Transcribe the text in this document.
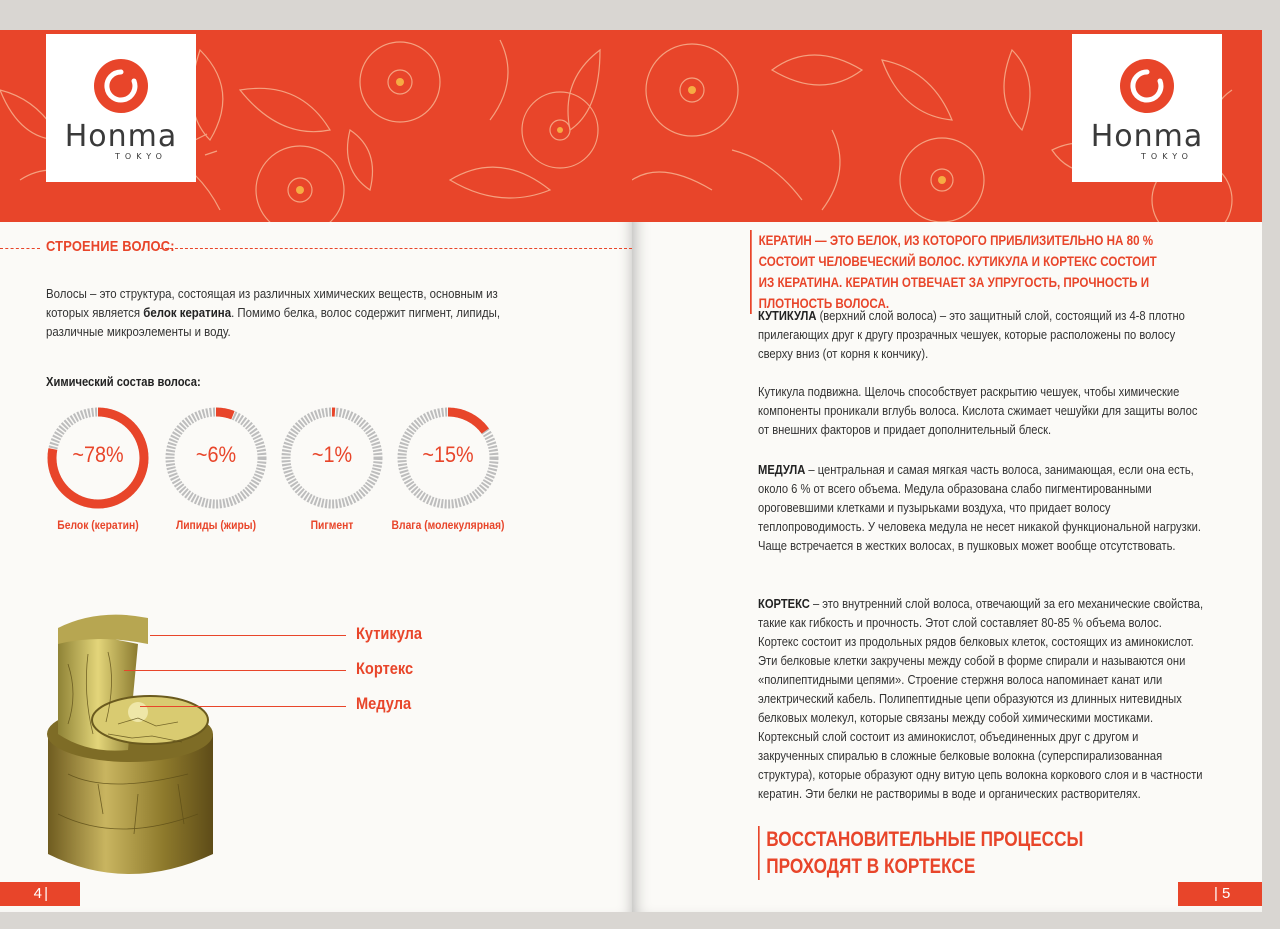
Honma
TOKYO
СТРОЕНИЕ ВОЛОС:
Волосы – это структура, состоящая из различных химических веществ, основным из которых является белок кератина. Помимо белка, волос содержит пигмент, липиды, различные микроэлементы и воду.
Химический состав волоса:
~78%
Белок (кератин)
~6%
Липиды (жиры)
~1%
Пигмент
~15%
Влага (молекулярная)
Кутикула
Кортекс
Медула
4 |
Honma
TOKYO
КЕРАТИН — ЭТО БЕЛОК, ИЗ КОТОРОГО ПРИБЛИЗИТЕЛЬНО НА 80 % СОСТОИТ ЧЕЛОВЕЧЕСКИЙ ВОЛОС. КУТИКУЛА И КОРТЕКС СОСТОИТ ИЗ КЕРАТИНА. КЕРАТИН ОТВЕЧАЕТ ЗА УПРУГОСТЬ, ПРОЧНОСТЬ И ПЛОТНОСТЬ ВОЛОСА.
КУТИКУЛА (верхний слой волоса) – это защитный слой, состоящий из 4-8 плотно прилегающих друг к другу прозрачных чешуек, которые расположены по волосу сверху вниз (от корня к кончику).
Кутикула подвижна. Щелочь способствует раскрытию чешуек, чтобы химические компоненты проникали вглубь волоса. Кислота сжимает чешуйки для защиты волос от внешних факторов и придает дополнительный блеск.
МЕДУЛА – центральная и самая мягкая часть волоса, занимающая, если она есть, около 6 % от всего объема. Медула образована слабо пигментированными ороговевшими клетками и пузырьками воздуха, что придает волосу теплопроводимость. У человека медула не несет никакой функциональной нагрузки. Чаще встречается в жестких волосах, в пушковых может вообще отсутствовать.
КОРТЕКС – это внутренний слой волоса, отвечающий за его механические свойства, такие как гибкость и прочность. Этот слой составляет 80-85 % объема волос. Кортекс состоит из продольных рядов белковых клеток, состоящих из аминокислот. Эти белковые клетки закручены между собой в форме спирали и называются они «полипептидными цепями». Строение стержня волоса напоминает канат или электрический кабель. Полипептидные цепи образуются из длинных нитевидных белковых молекул, которые связаны между собой химическими мостиками. Кортексный слой состоит из аминокислот, объединенных друг с другом и закрученных спиралью в сложные белковые волокна (суперспирализованная структура), которые образуют одну витую цепь волокна коркового слоя и в частности кератин. Эти белки не растворимы в воде и органических растворителях.
ВОССТАНОВИТЕЛЬНЫЕ ПРОЦЕССЫ
ПРОХОДЯТ В КОРТЕКСЕ
| 5
